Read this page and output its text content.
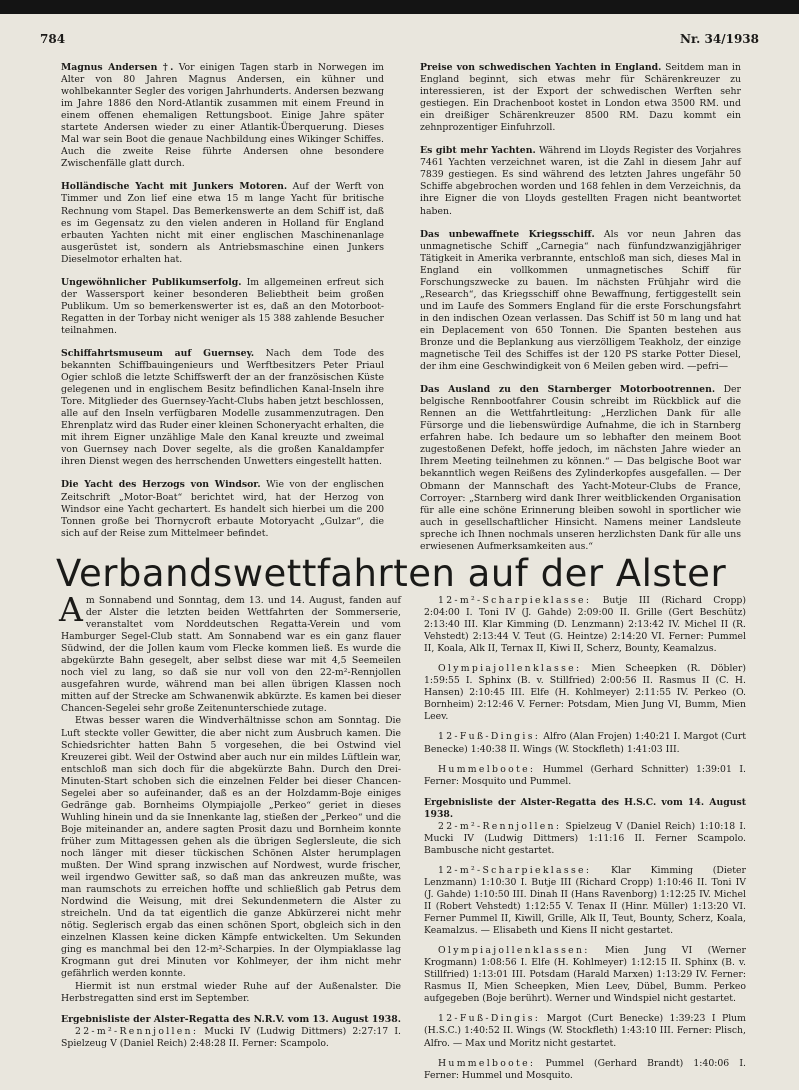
784	Nr. 34/1938

Magnus Andersen †. Vor einigen Tagen starb in Norwegen im Alter von 80 Jahren Magnus Andersen, ein kühner und wohlbekannter Segler des vorigen Jahrhunderts. Andersen bezwang im Jahre 1886 den Nord-Atlantik zusammen mit einem Freund in einem offenen ehemaligen Rettungsboot. Einige Jahre später startete Andersen wieder zu einer Atlantik-Überquerung. Dieses Mal war sein Boot die genaue Nachbildung eines Wikinger Schiffes. Auch die zweite Reise führte Andersen ohne besondere Zwischenfälle glatt durch.

Holländische Yacht mit Junkers Motoren. Auf der Werft von Timmer und Zon lief eine etwa 15 m lange Yacht für britische Rechnung vom Stapel. Das Bemerkenswerte an dem Schiff ist, daß es im Gegensatz zu den vielen anderen in Holland für England erbauten Yachten nicht mit einer englischen Maschinenanlage ausgerüstet ist, sondern als Antriebsmaschine einen Junkers Dieselmotor erhalten hat.

Ungewöhnlicher Publikumserfolg. Im allgemeinen erfreut sich der Wassersport keiner besonderen Beliebtheit beim großen Publikum. Um so bemerkenswerter ist es, daß an den Motorboot-Regatten in der Torbay nicht weniger als 15 388 zahlende Besucher teilnahmen.

Schiffahrtsmuseum auf Guernsey. Nach dem Tode des bekannten Schiffbauingenieurs und Werftbesitzers Peter Priaul Ogier schloß die letzte Schiffswerft der an der französischen Küste gelegenen und in englischem Besitz befindlichen Kanal-Inseln ihre Tore. Mitglieder des Guernsey-Yacht-Clubs haben jetzt beschlossen, alle auf den Inseln verfügbaren Modelle zusammenzutragen. Den Ehrenplatz wird das Ruder einer kleinen Schoneryacht erhalten, die mit ihrem Eigner unzählige Male den Kanal kreuzte und zweimal von Guernsey nach Dover segelte, als die großen Kanaldampfer ihren Dienst wegen des herrschenden Unwetters eingestellt hatten.

Die Yacht des Herzogs von Windsor. Wie von der englischen Zeitschrift „Motor-Boat“ berichtet wird, hat der Herzog von Windsor eine Yacht gechartert. Es handelt sich hierbei um die 200 Tonnen große bei Thornycroft erbaute Motoryacht „Gulzar“, die sich auf der Reise zum Mittelmeer befindet.

Preise von schwedischen Yachten in England. Seitdem man in England beginnt, sich etwas mehr für Schärenkreuzer zu interessieren, ist der Export der schwedischen Werften sehr gestiegen. Ein Drachenboot kostet in London etwa 3500 RM. und ein dreißiger Schärenkreuzer 8500 RM. Dazu kommt ein zehnprozentiger Einfuhrzoll.

Es gibt mehr Yachten. Während im Lloyds Register des Vorjahres 7461 Yachten verzeichnet waren, ist die Zahl in diesem Jahr auf 7839 gestiegen. Es sind während des letzten Jahres ungefähr 50 Schiffe abgebrochen worden und 168 fehlen in dem Verzeichnis, da ihre Eigner die von Lloyds gestellten Fragen nicht beantwortet haben.

Das unbewaffnete Kriegsschiff. Als vor neun Jahren das unmagnetische Schiff „Carnegia“ nach fünfundzwanzigjähriger Tätigkeit in Amerika verbrannte, entschloß man sich, dieses Mal in England ein vollkommen unmagnetisches Schiff für Forschungszwecke zu bauen. Im nächsten Frühjahr wird die „Research“, das Kriegsschiff ohne Bewaffnung, fertiggestellt sein und im Laufe des Sommers England für die erste Forschungsfahrt in den indischen Ozean verlassen. Das Schiff ist 50 m lang und hat ein Deplacement von 650 Tonnen. Die Spanten bestehen aus Bronze und die Beplankung aus vierzölligem Teakholz, der einzige magnetische Teil des Schiffes ist der 120 PS starke Potter Diesel, der ihm eine Geschwindigkeit von 6 Meilen geben wird. —pefri—

Das Ausland zu den Starnberger Motorbootrennen. Der belgische Rennbootfahrer Cousin schreibt im Rückblick auf die Rennen an die Wettfahrtleitung: „Herzlichen Dank für alle Fürsorge und die liebenswürdige Aufnahme, die ich in Starnberg erfahren habe. Ich bedaure um so lebhafter den meinem Boot zugestoßenen Defekt, hoffe jedoch, im nächsten Jahre wieder an Ihrem Meeting teilnehmen zu können.“ — Das belgische Boot war bekanntlich wegen Reißens des Zylinderkopfes ausgefallen. — Der Obmann der Mannschaft des Yacht-Moteur-Clubs de France, Corroyer: „Starnberg wird dank Ihrer weitblickenden Organisation für alle eine schöne Erinnerung bleiben sowohl in sportlicher wie auch in gesellschaftlicher Hinsicht. Namens meiner Landsleute spreche ich Ihnen nochmals unseren herzlichsten Dank für alle uns erwiesenen Aufmerksamkeiten aus.“

Verbandswettfahrten auf der Alster

Am Sonnabend und Sonntag, dem 13. und 14. August, fanden auf der Alster die letzten beiden Wettfahrten der Sommerserie, veranstaltet vom Norddeutschen Regatta-Verein und vom Hamburger Segel-Club statt. Am Sonnabend war es ein ganz flauer Südwind, der die Jollen kaum vom Flecke kommen ließ. Es wurde die abgekürzte Bahn gesegelt, aber selbst diese war mit 4,5 Seemeilen noch viel zu lang, so daß sie nur voll von den 22-m²-Rennjollen ausgefahren wurde, während man bei allen übrigen Klassen noch mitten auf der Strecke am Schwanenwik abkürzte. Es kamen bei dieser Chancen-Segelei sehr große Zeitenunterschiede zutage.

Etwas besser waren die Windverhältnisse schon am Sonntag. Die Luft steckte voller Gewitter, die aber nicht zum Ausbruch kamen. Die Schiedsrichter hatten Bahn 5 vorgesehen, die bei Ostwind viel Kreuzerei gibt. Weil der Ostwind aber auch nur ein mildes Lüftlein war, entschloß man sich doch für die abgekürzte Bahn. Durch den Drei-Minuten-Start schoben sich die einzelnen Felder bei dieser Chancen-Segelei aber so aufeinander, daß es an der Holzdamm-Boje einiges Gedränge gab. Bornheims Olympiajolle „Perkeo“ geriet in dieses Wuhling hinein und da sie Innenkante lag, stießen der „Perkeo“ und die Boje miteinander an, andere sagten Prosit dazu und Bornheim konnte früher zum Mittagessen gehen als die übrigen Seglersleute, die sich noch länger mit dieser tückischen Schönen Alster herumplagen mußten. Der Wind sprang inzwischen auf Nordwest, wurde frischer, weil irgendwo Gewitter saß, so daß man das ankreuzen mußte, was man raumschots zu erreichen hoffte und schließlich gab Petrus dem Nordwind die Weisung, mit drei Sekundenmetern die Alster zu streicheln. Und da tat eigentlich die ganze Abkürzerei nicht mehr nötig. Seglerisch ergab das einen schönen Sport, obgleich sich in den einzelnen Klassen keine dicken Kämpfe entwickelten. Um Sekunden ging es manchmal bei den 12-m²-Scharpies. In der Olympiaklasse lag Krogmann gut drei Minuten vor Kohlmeyer, der ihm nicht mehr gefährlich werden konnte.

Hiermit ist nun erstmal wieder Ruhe auf der Außenalster. Die Herbstregatten sind erst im September.

Ergebnisliste der Alster-Regatta des N.R.V. vom 13. August 1938.

22-m²-Rennjollen: Mucki IV (Ludwig Dittmers) 2:27:17 I. Spielzeug V (Daniel Reich) 2:48:28 II. Ferner: Scampolo.

12-m²-Scharpieklasse: Butje III (Richard Cropp) 2:04:00 I. Toni IV (J. Gahde) 2:09:00 II. Grille (Gert Beschütz) 2:13:40 III. Klar Kimming (D. Lenzmann) 2:13:42 IV. Michel II (R. Vehstedt) 2:13:44 V. Teut (G. Heintze) 2:14:20 VI. Ferner: Pummel II, Koala, Alk II, Ternax II, Kiwi II, Scherz, Bounty, Keamalzus.

Olympiajollenklasse: Mien Scheepken (R. Döbler) 1:59:55 I. Sphinx (B. v. Stillfried) 2:00:56 II. Rasmus II (C. H. Hansen) 2:10:45 III. Elfe (H. Kohlmeyer) 2:11:55 IV. Perkeo (O. Bornheim) 2:12:46 V. Ferner: Potsdam, Mien Jung VI, Bumm, Mien Leev.

12-Fuß-Dingis: Alfro (Alan Frojen) 1:40:21 I. Margot (Curt Benecke) 1:40:38 II. Wings (W. Stockfleth) 1:41:03 III.

Hummelboote: Hummel (Gerhard Schnitter) 1:39:01 I. Ferner: Mosquito und Pummel.

Ergebnisliste der Alster-Regatta des H.S.C. vom 14. August 1938.

22-m²-Rennjollen: Spielzeug V (Daniel Reich) 1:10:18 I. Mucki IV (Ludwig Dittmers) 1:11:16 II. Ferner Scampolo. Bambusche nicht gestartet.

12-m²-Scharpieklasse: Klar Kimming (Dieter Lenzmann) 1:10:30 I. Butje III (Richard Cropp) 1:10:46 II. Toni IV (J. Gahde) 1:10:50 III. Dinah II (Hans Ravenborg) 1:12:25 IV. Michel II (Robert Vehstedt) 1:12:55 V. Tenax II (Hinr. Müller) 1:13:20 VI. Ferner Pummel II, Kiwill, Grille, Alk II, Teut, Bounty, Scherz, Koala, Keamalzus. — Elisabeth und Kiens II nicht gestartet.

Olympiajollenklassen: Mien Jung VI (Werner Krogmann) 1:08:56 I. Elfe (H. Kohlmeyer) 1:12:15 II. Sphinx (B. v. Stillfried) 1:13:01 III. Potsdam (Harald Marxen) 1:13:29 IV. Ferner: Rasmus II, Mien Scheepken, Mien Leev, Dübel, Bumm. Perkeo aufgegeben (Boje berührt). Werner und Windspiel nicht gestartet.

12-Fuß-Dingis: Margot (Curt Benecke) 1:39:23 I Plum (H.S.C.) 1:40:52 II. Wings (W. Stockfleth) 1:43:10 III. Ferner: Plisch, Alfro. — Max und Moritz nicht gestartet.

Hummelboote: Pummel (Gerhard Brandt) 1:40:06 I. Ferner: Hummel und Mosquito.
